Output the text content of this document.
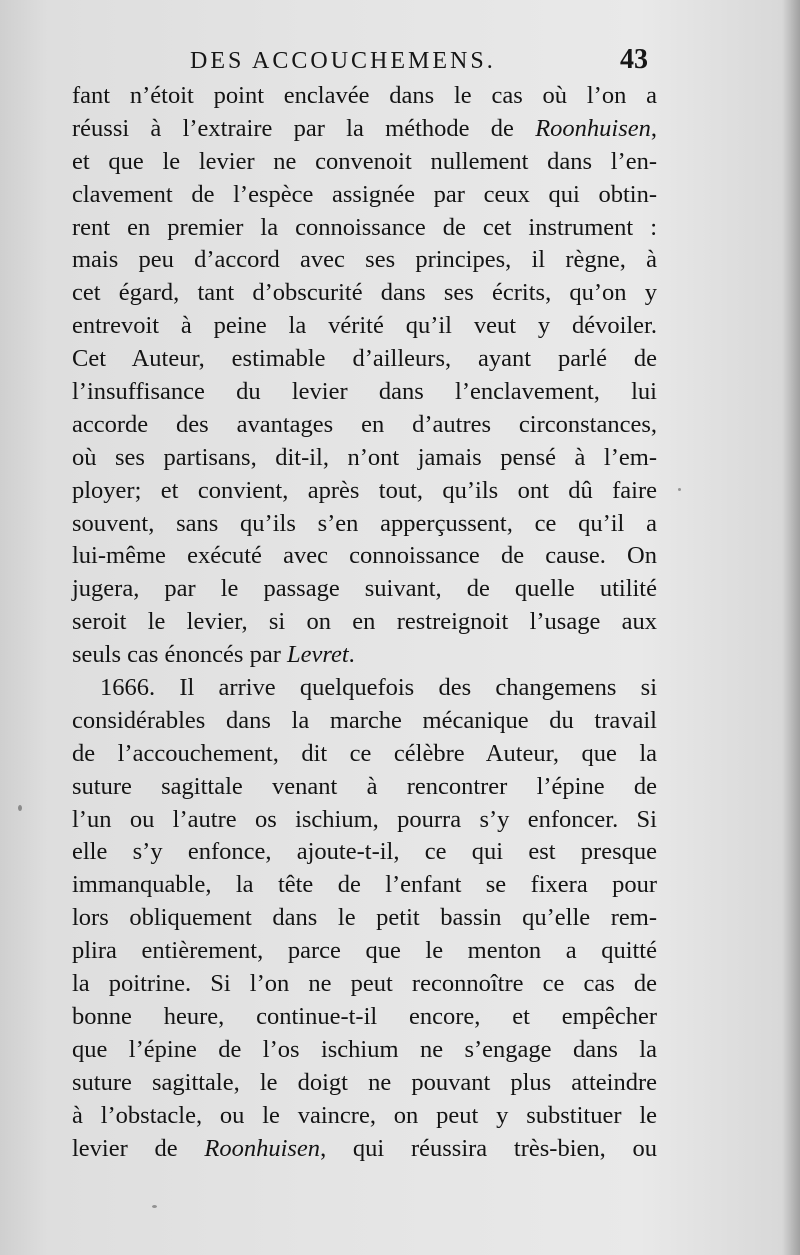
DES ACCOUCHEMENS.	43
fant n’étoit point enclavée dans le cas où l’on a
réussi à l’extraire par la méthode de Roonhuisen,
et que le levier ne convenoit nullement dans l’en-
clavement de l’espèce assignée par ceux qui obtin-
rent en premier la connoissance de cet instrument :
mais peu d’accord avec ses principes, il règne, à
cet égard, tant d’obscurité dans ses écrits, qu’on y
entrevoit à peine la vérité qu’il veut y dévoiler.
Cet Auteur, estimable d’ailleurs, ayant parlé de
l’insuffisance du levier dans l’enclavement, lui
accorde des avantages en d’autres circonstances,
où ses partisans, dit-il, n’ont jamais pensé à l’em-
ployer; et convient, après tout, qu’ils ont dû faire
souvent, sans qu’ils s’en apperçussent, ce qu’il a
lui-même exécuté avec connoissance de cause. On
jugera, par le passage suivant, de quelle utilité
seroit le levier, si on en restreignoit l’usage aux
seuls cas énoncés par Levret.
1666. Il arrive quelquefois des changemens si
considérables dans la marche mécanique du travail
de l’accouchement, dit ce célèbre Auteur, que la
suture sagittale venant à rencontrer l’épine de
l’un ou l’autre os ischium, pourra s’y enfoncer. Si
elle s’y enfonce, ajoute-t-il, ce qui est presque
immanquable, la tête de l’enfant se fixera pour
lors obliquement dans le petit bassin qu’elle rem-
plira entièrement, parce que le menton a quitté
la poitrine. Si l’on ne peut reconnoître ce cas de
bonne heure, continue-t-il encore, et empêcher
que l’épine de l’os ischium ne s’engage dans la
suture sagittale, le doigt ne pouvant plus atteindre
à l’obstacle, ou le vaincre, on peut y substituer le
levier de Roonhuisen, qui réussira très-bien, ou
